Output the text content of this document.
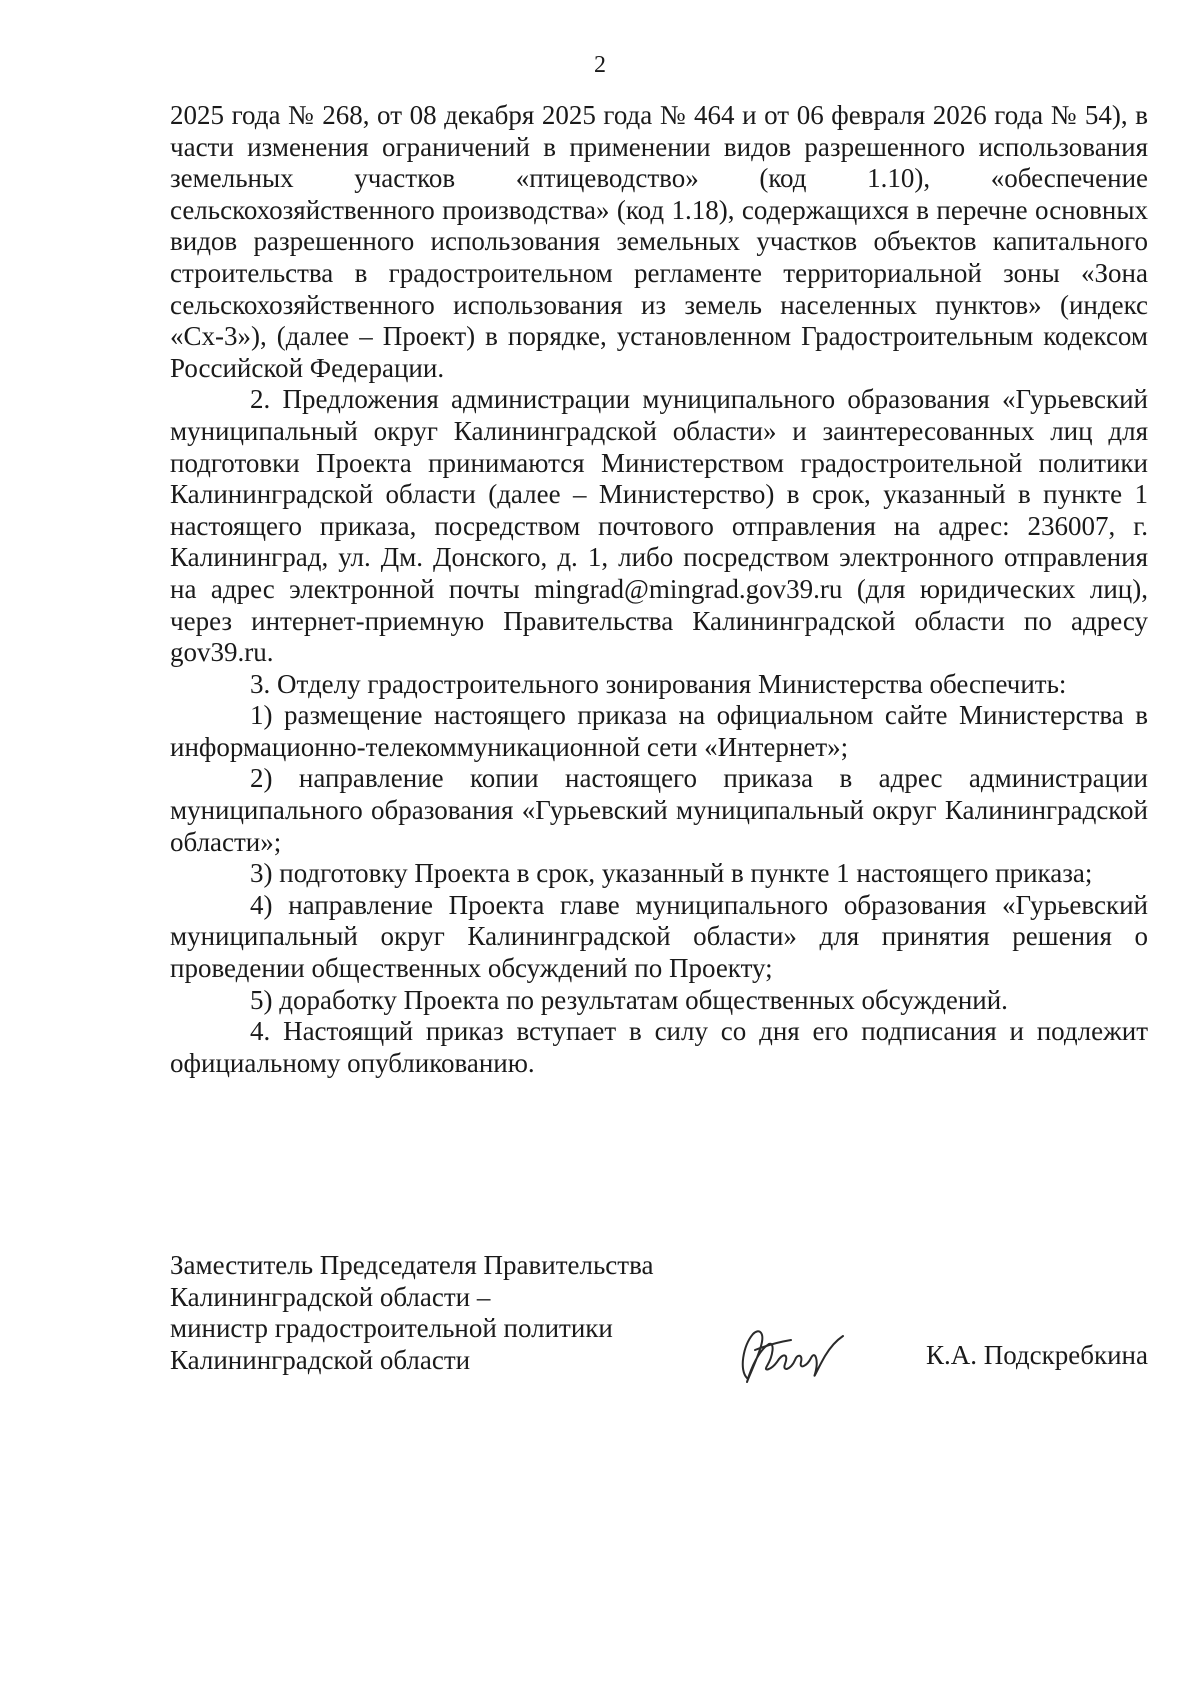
2

2025 года № 268, от 08 декабря 2025 года № 464 и от 06 февраля 2026 года № 54), в части изменения ограничений в применении видов разрешенного использования земельных участков «птицеводство» (код 1.10), «обеспечение сельскохозяйственного производства» (код 1.18), содержащихся в перечне основных видов разрешенного использования земельных участков объектов капитального строительства в градостроительном регламенте территориальной зоны «Зона сельскохозяйственного использования из земель населенных пунктов» (индекс «Сх-3»), (далее – Проект) в порядке, установленном Градостроительным кодексом Российской Федерации.

2. Предложения администрации муниципального образования «Гурьевский муниципальный округ Калининградской области» и заинтересованных лиц для подготовки Проекта принимаются Министерством градостроительной политики Калининградской области (далее – Министерство) в срок, указанный в пункте 1 настоящего приказа, посредством почтового отправления на адрес: 236007, г. Калининград, ул. Дм. Донского, д. 1, либо посредством электронного отправления на адрес электронной почты mingrad@mingrad.gov39.ru (для юридических лиц), через интернет-приемную Правительства Калининградской области по адресу gov39.ru.

3. Отделу градостроительного зонирования Министерства обеспечить:

1) размещение настоящего приказа на официальном сайте Министерства в информационно-телекоммуникационной сети «Интернет»;

2) направление копии настоящего приказа в адрес администрации муниципального образования «Гурьевский муниципальный округ Калининградской области»;

3) подготовку Проекта в срок, указанный в пункте 1 настоящего приказа;

4) направление Проекта главе муниципального образования «Гурьевский муниципальный округ Калининградской области» для принятия решения о проведении общественных обсуждений по Проекту;

5) доработку Проекта по результатам общественных обсуждений.

4. Настоящий приказ вступает в силу со дня его подписания и подлежит официальному опубликованию.

Заместитель Председателя Правительства
Калининградской области –
министр градостроительной политики
Калининградской области	К.А. Подскребкина
